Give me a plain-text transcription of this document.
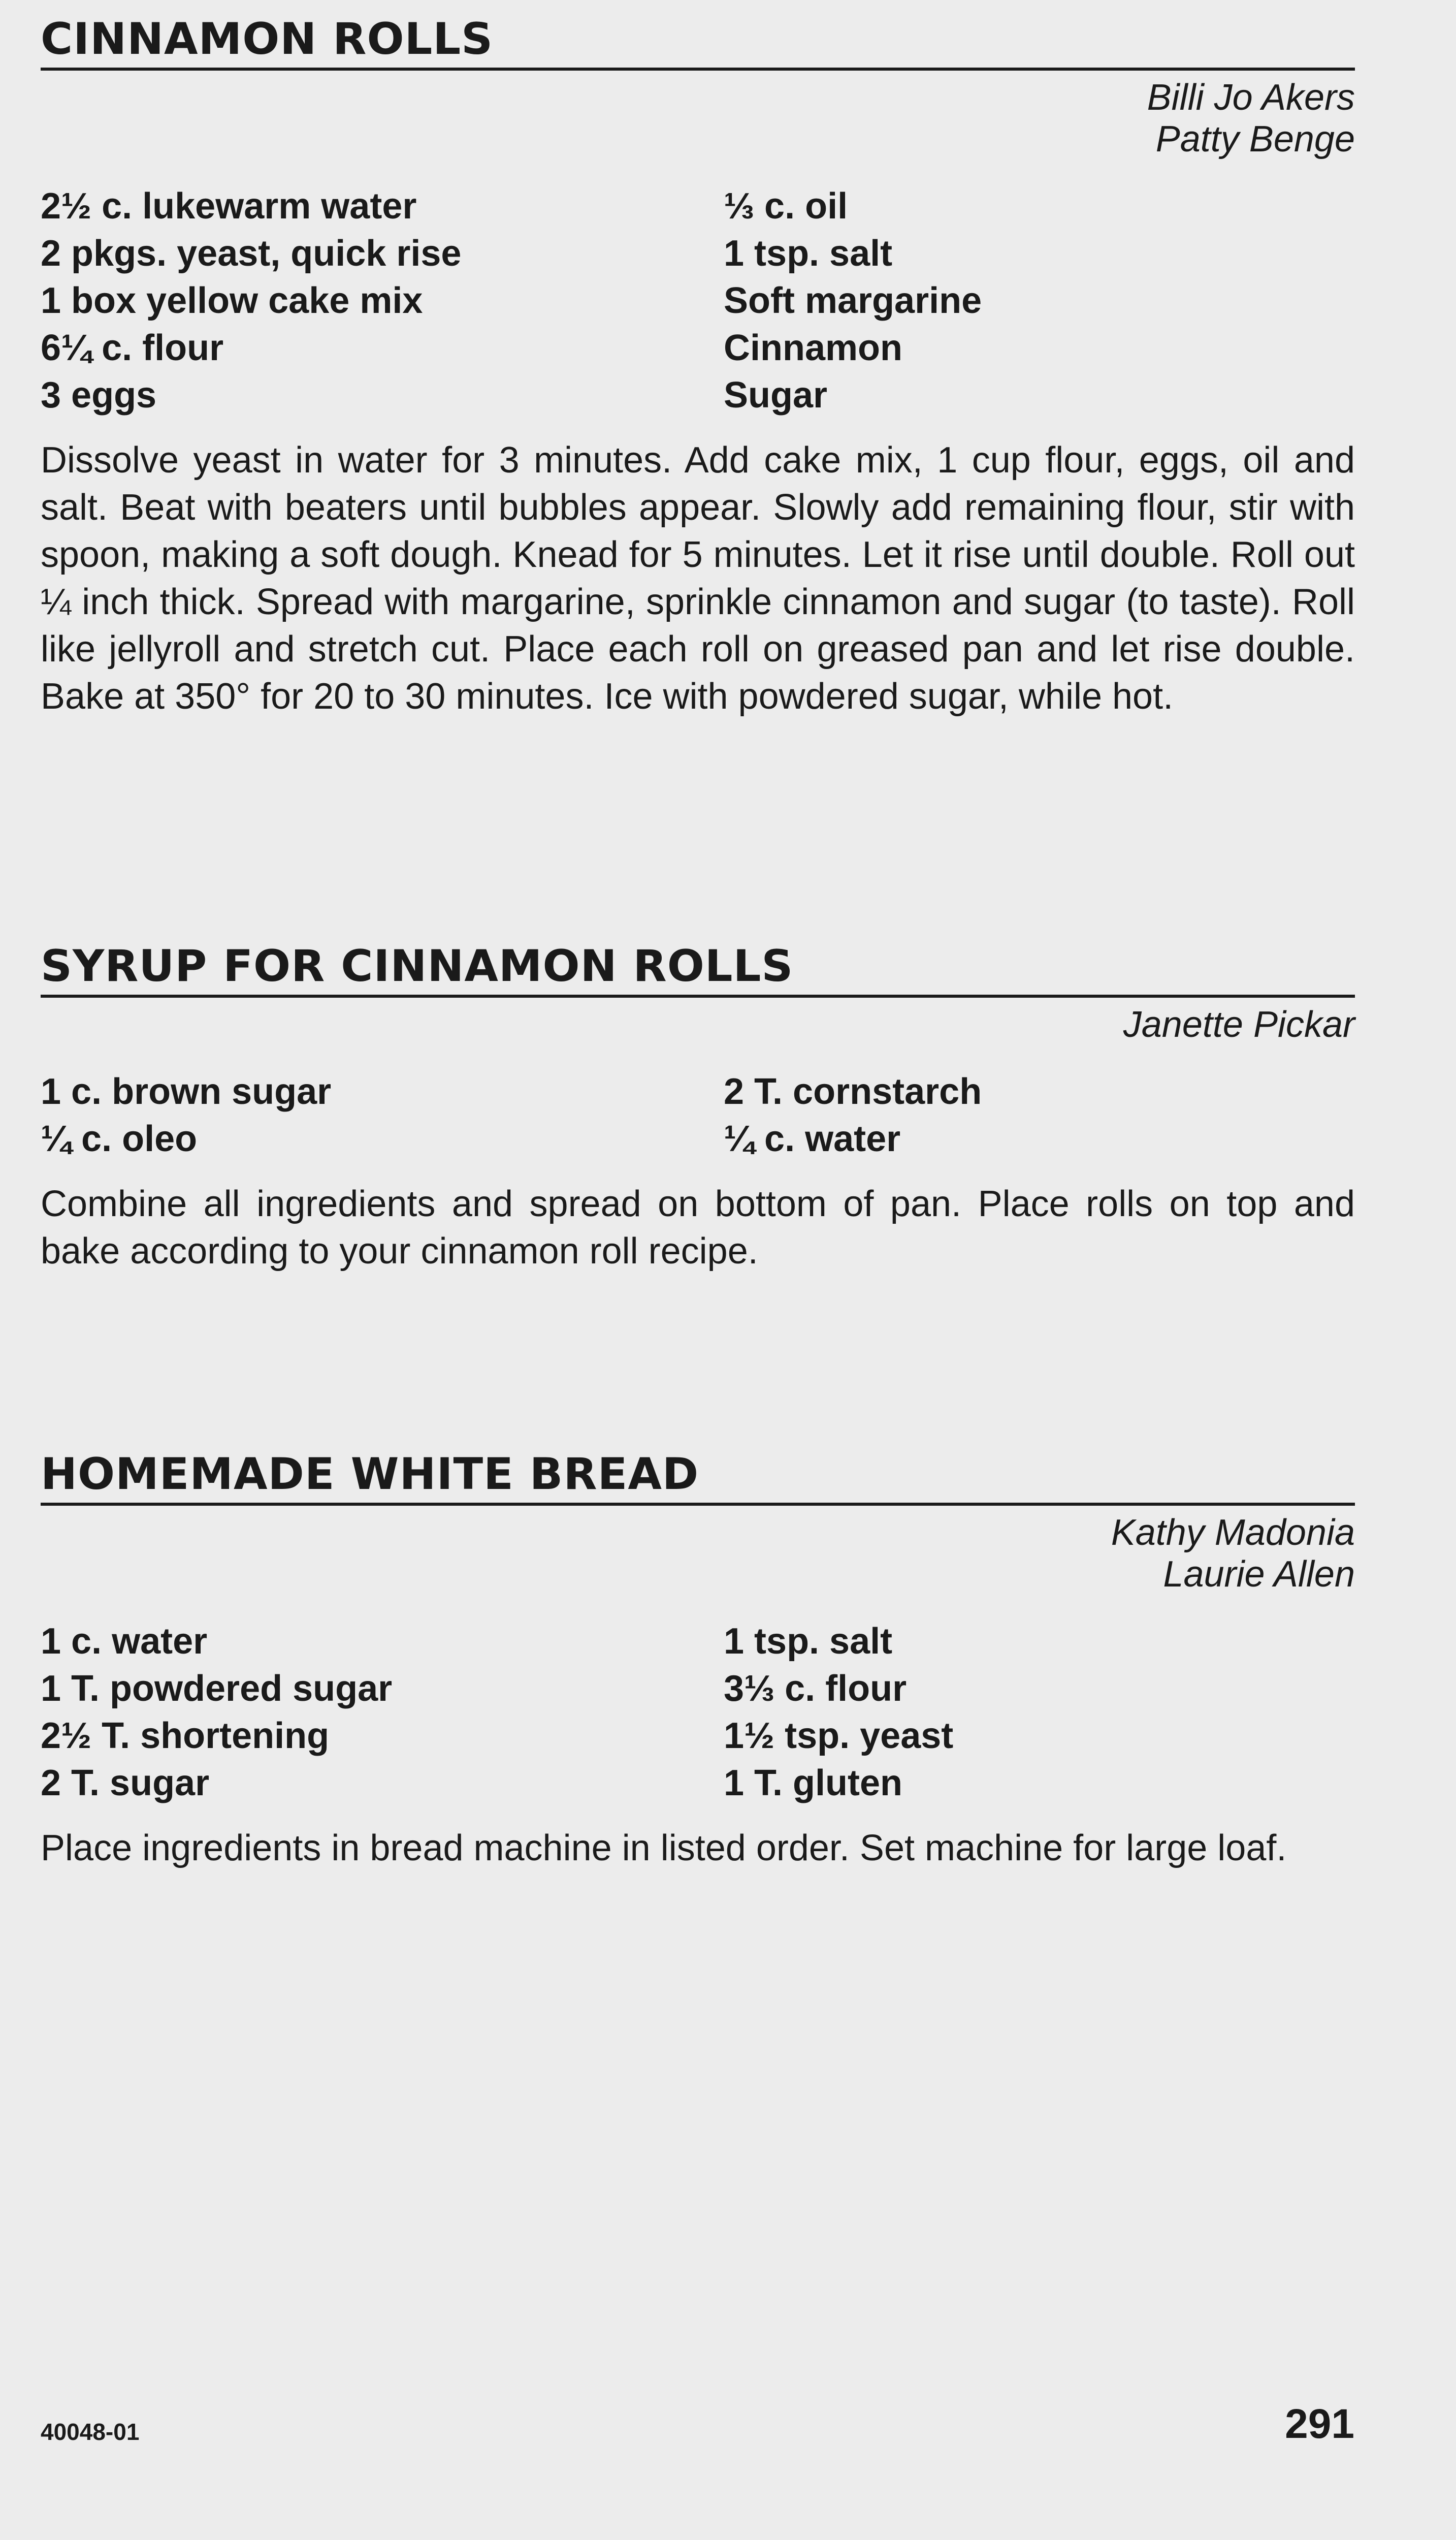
CINNAMON ROLLS
Billi Jo Akers
Patty Benge
2½ c. lukewarm water
2 pkgs. yeast, quick rise
1 box yellow cake mix
6¼ c. flour
3 eggs
⅓ c. oil
1 tsp. salt
Soft margarine
Cinnamon
Sugar

Dissolve yeast in water for 3 minutes. Add cake mix, 1 cup flour, eggs, oil and salt. Beat with beaters until bubbles appear. Slowly add remaining flour, stir with spoon, making a soft dough. Knead for 5 minutes. Let it rise until double. Roll out ¼ inch thick. Spread with margarine, sprinkle cinnamon and sugar (to taste). Roll like jellyroll and stretch cut. Place each roll on greased pan and let rise double. Bake at 350° for 20 to 30 minutes. Ice with powdered sugar, while hot.

SYRUP FOR CINNAMON ROLLS
Janette Pickar
1 c. brown sugar
¼ c. oleo
2 T. cornstarch
¼ c. water

Combine all ingredients and spread on bottom of pan. Place rolls on top and bake according to your cinnamon roll recipe.

HOMEMADE WHITE BREAD
Kathy Madonia
Laurie Allen
1 c. water
1 T. powdered sugar
2½ T. shortening
2 T. sugar
1 tsp. salt
3⅓ c. flour
1½ tsp. yeast
1 T. gluten

Place ingredients in bread machine in listed order. Set machine for large loaf.

40048-01	291
